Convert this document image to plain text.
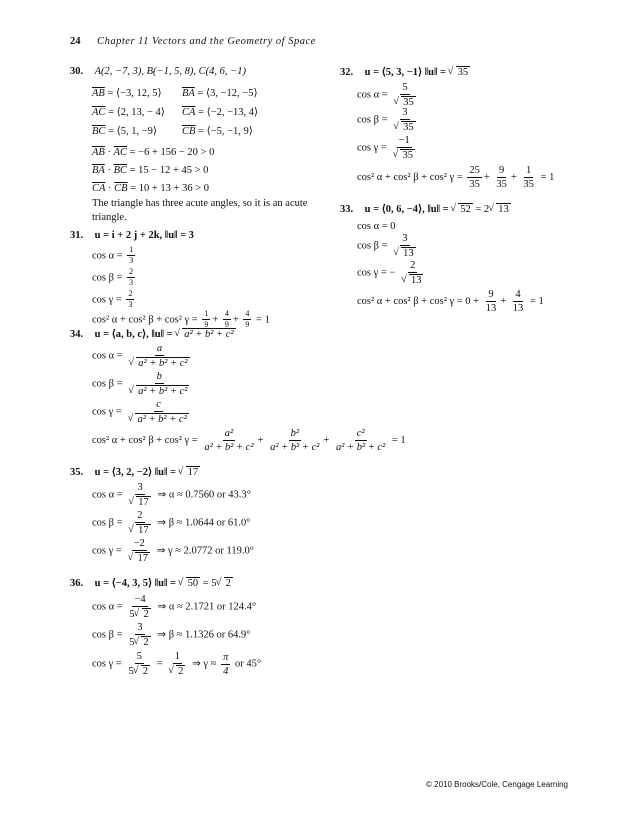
24 Chapter 11 Vectors and the Geometry of Space
30. A(2, −7, 3), B(−1, 5, 8), C(4, 6, −1)
$\overline{AB}$ = ⟨−3, 12, 5⟩ $\overline{BA}$ = ⟨3, −12, −5⟩
$\overline{AC}$ = ⟨2, 13, − 4⟩ $\overline{CA}$ = ⟨−2, −13, 4⟩
$\overline{BC}$ = ⟨5, 1, −9⟩ $\overline{CB}$ = ⟨−5, −1, 9⟩
$\overline{AB} \cdot \overline{AC} = -6 + 156 - 20 > 0$
$\overline{BA} \cdot \overline{BC} = 15 - 12 + 45 > 0$
$\overline{CA} \cdot \overline{CB} = 10 + 13 + 36 > 0$
The triangle has three acute angles, so it is an acute
triangle.
31. u = i + 2 j + 2k, ‖u‖ = 3
$\cos \alpha = \frac{1}{3}$
$\cos \beta = \frac{2}{3}$
$\cos \gamma = \frac{2}{3}$
cos² α + cos² β + cos² $\gamma = \frac{1}{9} + \frac{4}{9} + \frac{4}{9} = 1$
32. u = ⟨5, 3, −1⟩ ‖u‖ = √ 35
cos α = 5
√ 35
cos β = 3
√ 35
cos γ = −1
√ 35
cos² α + cos² β + cos² $\gamma = \frac{25}{35} + \frac{9}{35} + \frac{1}{35} = 1$
33. u = ⟨0, 6, −4⟩, ‖u‖ = √ 52 = 2 √ 13
cos α = 0
cos β = 3
√ 13
cos γ = − 2
√ 13
cos² α + cos² β + cos² $\gamma = 0 + \frac{9}{13} + \frac{4}{13} = 1$
34. u = ⟨a, b, c⟩, ‖u‖ = √ a² + b² + c²
cos α = a
√ a² + b² + c²
cos β = b
√ a² + b² + c²
cos γ = c
√ a² + b² + c²
cos² α + cos² β + cos² $\gamma = \frac{\text{a²}}{\text{a² + b² + c²}} + \frac{\text{b²}}{\text{a² + b² + c²}} + \frac{\text{c²}}{\text{a² + b² + c²}} = 1$
35. u = ⟨3, 2, −2⟩ ‖u‖ = √ 17
cos α = 3
√ 17 ⇒ α ≈ 0.7560 or 43.3°
cos β = 2
√ 17 ⇒ β ≈ 1.0644 or 61.0°
cos γ = −2
√ 17 ⇒ γ ≈ 2.0772 or 119.0°
36. u = ⟨−4, 3, 5⟩ ‖u‖ = √ 50 = 5 √ 2
$\cos \alpha = \frac{-4}{5 √ 2}$ ⇒ α ≈ 2.1721 or 124.4°
$\cos \beta = \frac{3}{5 √ 2}$ ⇒ β ≈ 1.1326 or 64.9°
$\cos \gamma = \frac{5}{5 √ 2} = 1$
√ 2 ⇒ $\gamma \approx \frac{\pi}{4}$ or 45°
© 2010 Brooks/Cole, Cengage Learning
